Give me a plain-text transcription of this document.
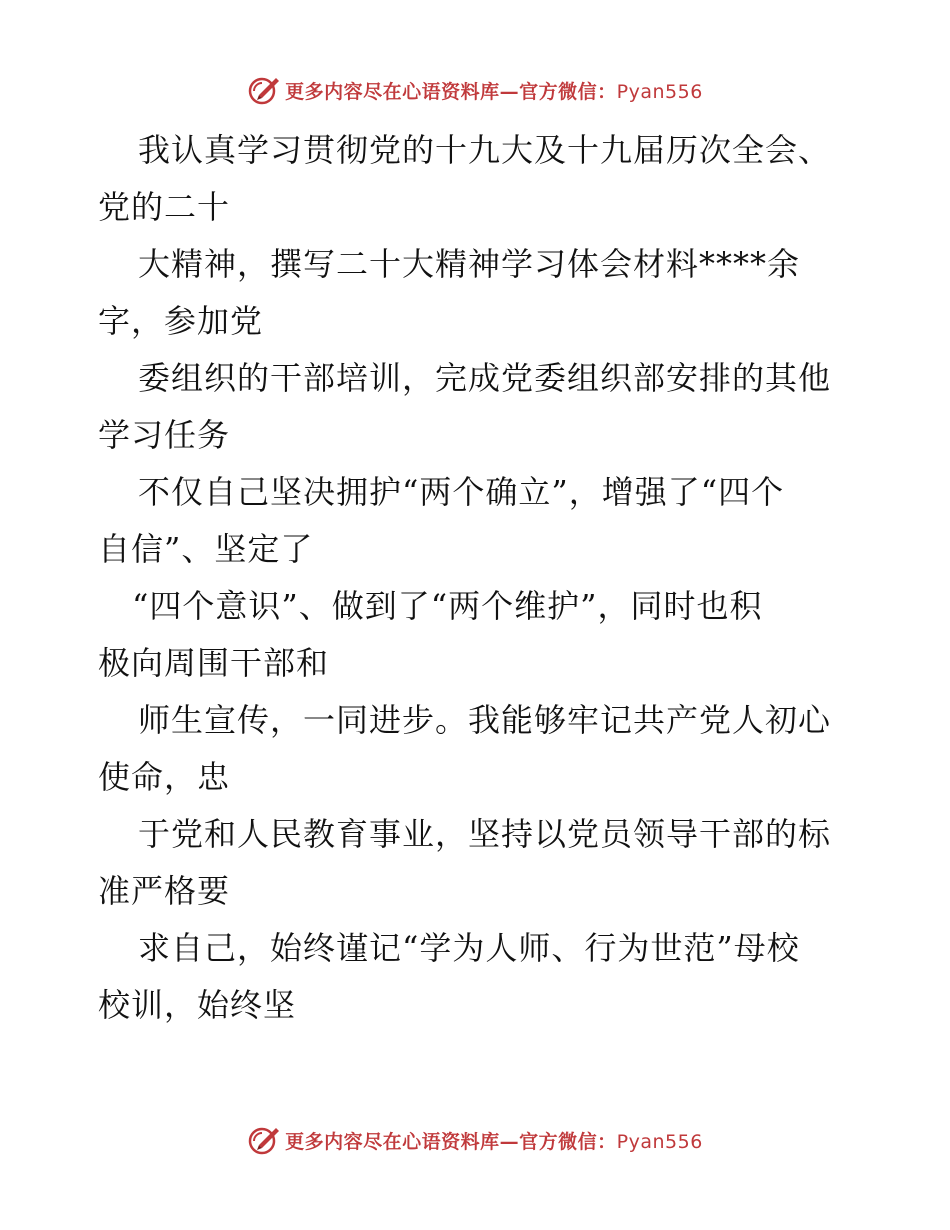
更多内容尽在心语资料库—官方微信：Pyan556
我认真学习贯彻党的十九大及十九届历次全会、
党的二十
大精神，撰写二十大精神学习体会材料****余
字，参加党
委组织的干部培训，完成党委组织部安排的其他
学习任务
不仅自己坚决拥护“两个确立”，增强了“四个
自信”、坚定了
“四个意识”、做到了“两个维护”，同时也积
极向周围干部和
师生宣传，一同进步。我能够牢记共产党人初心
使命，忠
于党和人民教育事业，坚持以党员领导干部的标
准严格要
求自己，始终谨记“学为人师、行为世范”母校
校训，始终坚
更多内容尽在心语资料库—官方微信：Pyan556
